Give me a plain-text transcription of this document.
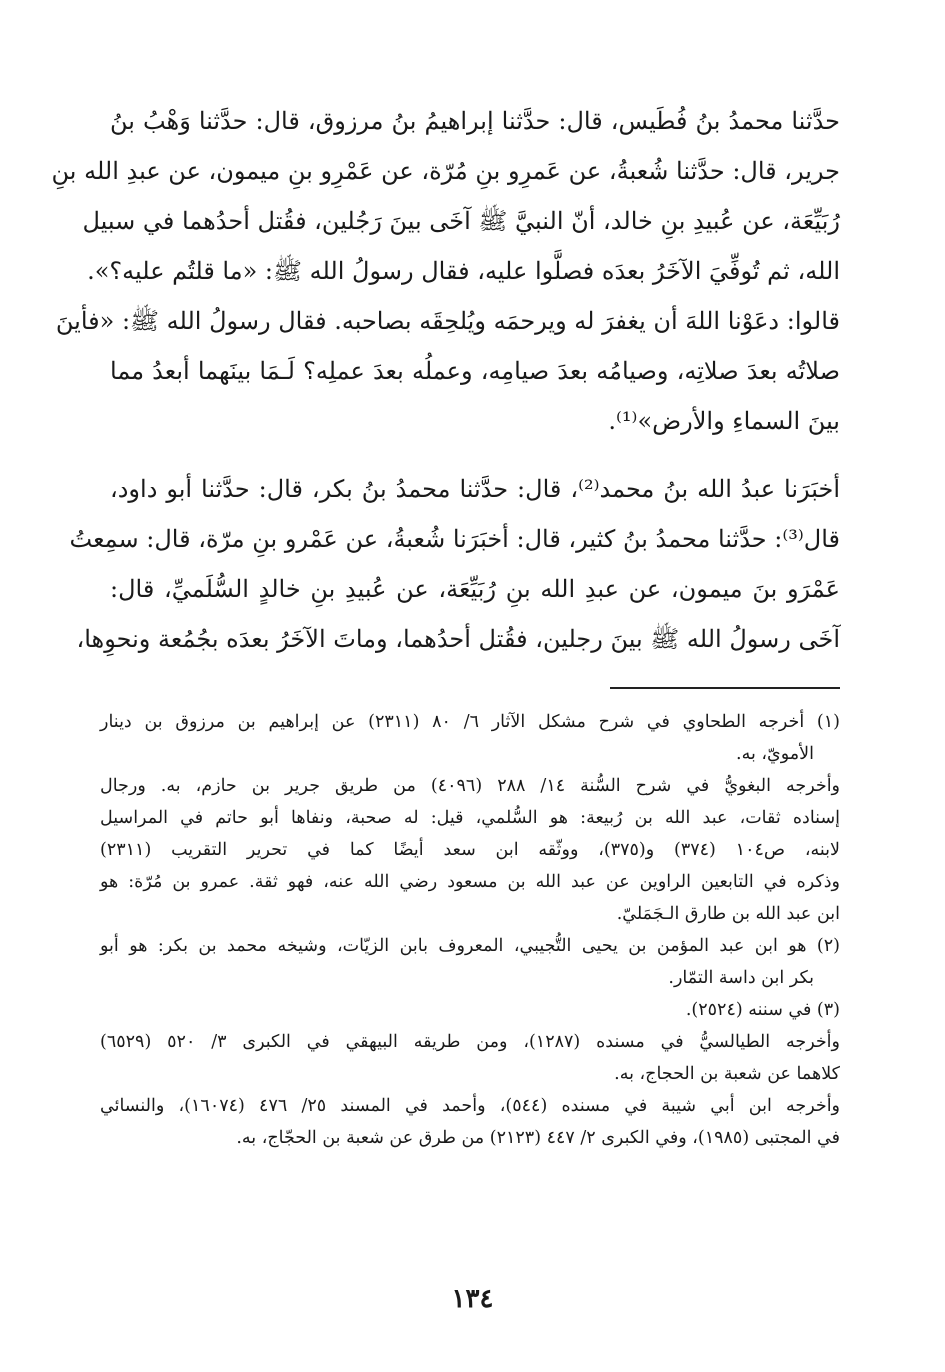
حدَّثنا محمدُ بنُ فُطَيس، قال: حدَّثنا إبراهيمُ بنُ مرزوق، قال: حدَّثنا وَهْبُ بنُ
جرير، قال: حدَّثنا شُعبةُ، عن عَمرِو بنِ مُرّة، عن عَمْرِو بنِ ميمون، عن عبدِ الله بنِ
رُبَيِّعَة، عن عُبيدِ بنِ خالد، أنّ النبيَّ ﷺ آخَى بينَ رَجُلين، فقُتل أحدُهما في سبيل
الله، ثم تُوفِّيَ الآخَرُ بعدَه فصلَّوا عليه، فقال رسولُ الله ﷺ: «ما قلتُم عليه؟».
قالوا: دعَوْنا اللهَ أن يغفرَ له ويرحمَه ويُلحِقَه بصاحبه. فقال رسولُ الله ﷺ: «فأينَ
صلاتُه بعدَ صلاتِه، وصيامُه بعدَ صيامِه، وعملُه بعدَ عملِه؟ لَـمَا بينَهما أبعدُ مما
بينَ السماءِ والأرض»⁽¹⁾.
أخبَرَنا عبدُ الله بنُ محمد⁽²⁾، قال: حدَّثنا محمدُ بنُ بكر، قال: حدَّثنا أبو داود،
قال⁽³⁾: حدَّثنا محمدُ بنُ كثير، قال: أخبَرَنا شُعبةُ، عن عَمْرو بنِ مرّة، قال: سمِعتُ
عَمْرَو بنَ ميمون، عن عبدِ الله بنِ رُبَيِّعَة، عن عُبيدِ بنِ خالدٍ السُّلَميِّ، قال:
آخَى رسولُ الله ﷺ بينَ رجلين، فقُتل أحدُهما، وماتَ الآخَرُ بعدَه بجُمُعة ونحوِها،
(١) أخرجه الطحاوي في شرح مشكل الآثار ٦/ ٨٠ (٢٣١١) عن إبراهيم بن مرزوق بن دينار
الأمويّ، به.
وأخرجه البغويُّ في شرح السُّنة ١٤/ ٢٨٨ (٤٠٩٦) من طريق جرير بن حازم، به. ورجال
إسناده ثقات، عبد الله بن رُبيعة: هو السُّلمي، قيل: له صحبة، ونفاها أبو حاتم في المراسيل
لابنه، ص١٠٤ (٣٧٤) و(٣٧٥)، ووثّقه ابن سعد أيضًا كما في تحرير التقريب (٢٣١١)
وذكره في التابعين الراوين عن عبد الله بن مسعود رضي الله عنه، فهو ثقة. عمرو بن مُرّة: هو
ابن عبد الله بن طارق الـجَمَليّ.
(٢) هو ابن عبد المؤمن بن يحيى التُّجيبي، المعروف بابن الزيّات، وشيخه محمد بن بكر: هو أبو
بكر ابن داسة التمّار.
(٣) في سننه (٢٥٢٤).
وأخرجه الطيالسيُّ في مسنده (١٢٨٧)، ومن طريقه البيهقي في الكبرى ٣/ ٥٢٠ (٦٥٢٩)
كلاهما عن شعبة بن الحجاج، به.
وأخرجه ابن أبي شيبة في مسنده (٥٤٤)، وأحمد في المسند ٢٥/ ٤٧٦ (١٦٠٧٤)، والنسائي
في المجتبى (١٩٨٥)، وفي الكبرى ٢/ ٤٤٧ (٢١٢٣) من طرق عن شعبة بن الحجّاج، به.
١٣٤
